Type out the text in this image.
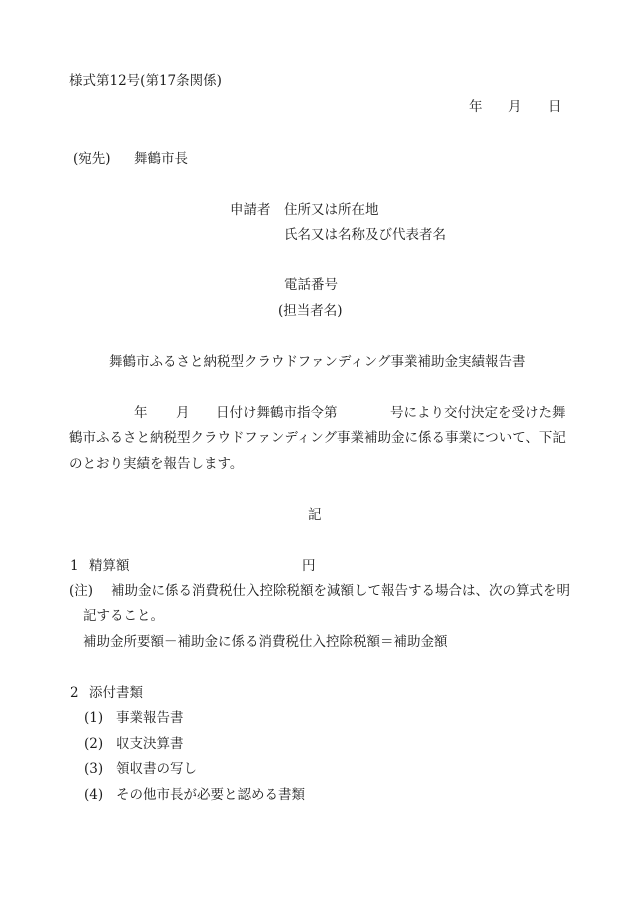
様式第12号(第17条関係)
年 月 日
(宛先) 舞鶴市長
申請者 住所又は所在地
氏名又は名称及び代表者名
電話番号
(担当者名)
舞鶴市ふるさと納税型クラウドファンディング事業補助金実績報告書
年 月 日付け舞鶴市指令第	号により交付決定を受けた舞
鶴市ふるさと納税型クラウドファンディング事業補助金に係る事業について、下記
のとおり実績を報告します。
記
1 精算額	円
(注) 補助金に係る消費税仕入控除税額を減額して報告する場合は、次の算式を明
記すること。
補助金所要額－補助金に係る消費税仕入控除税額＝補助金額
2 添付書類
(1) 事業報告書
(2) 収支決算書
(3) 領収書の写し
(4) その他市長が必要と認める書類
